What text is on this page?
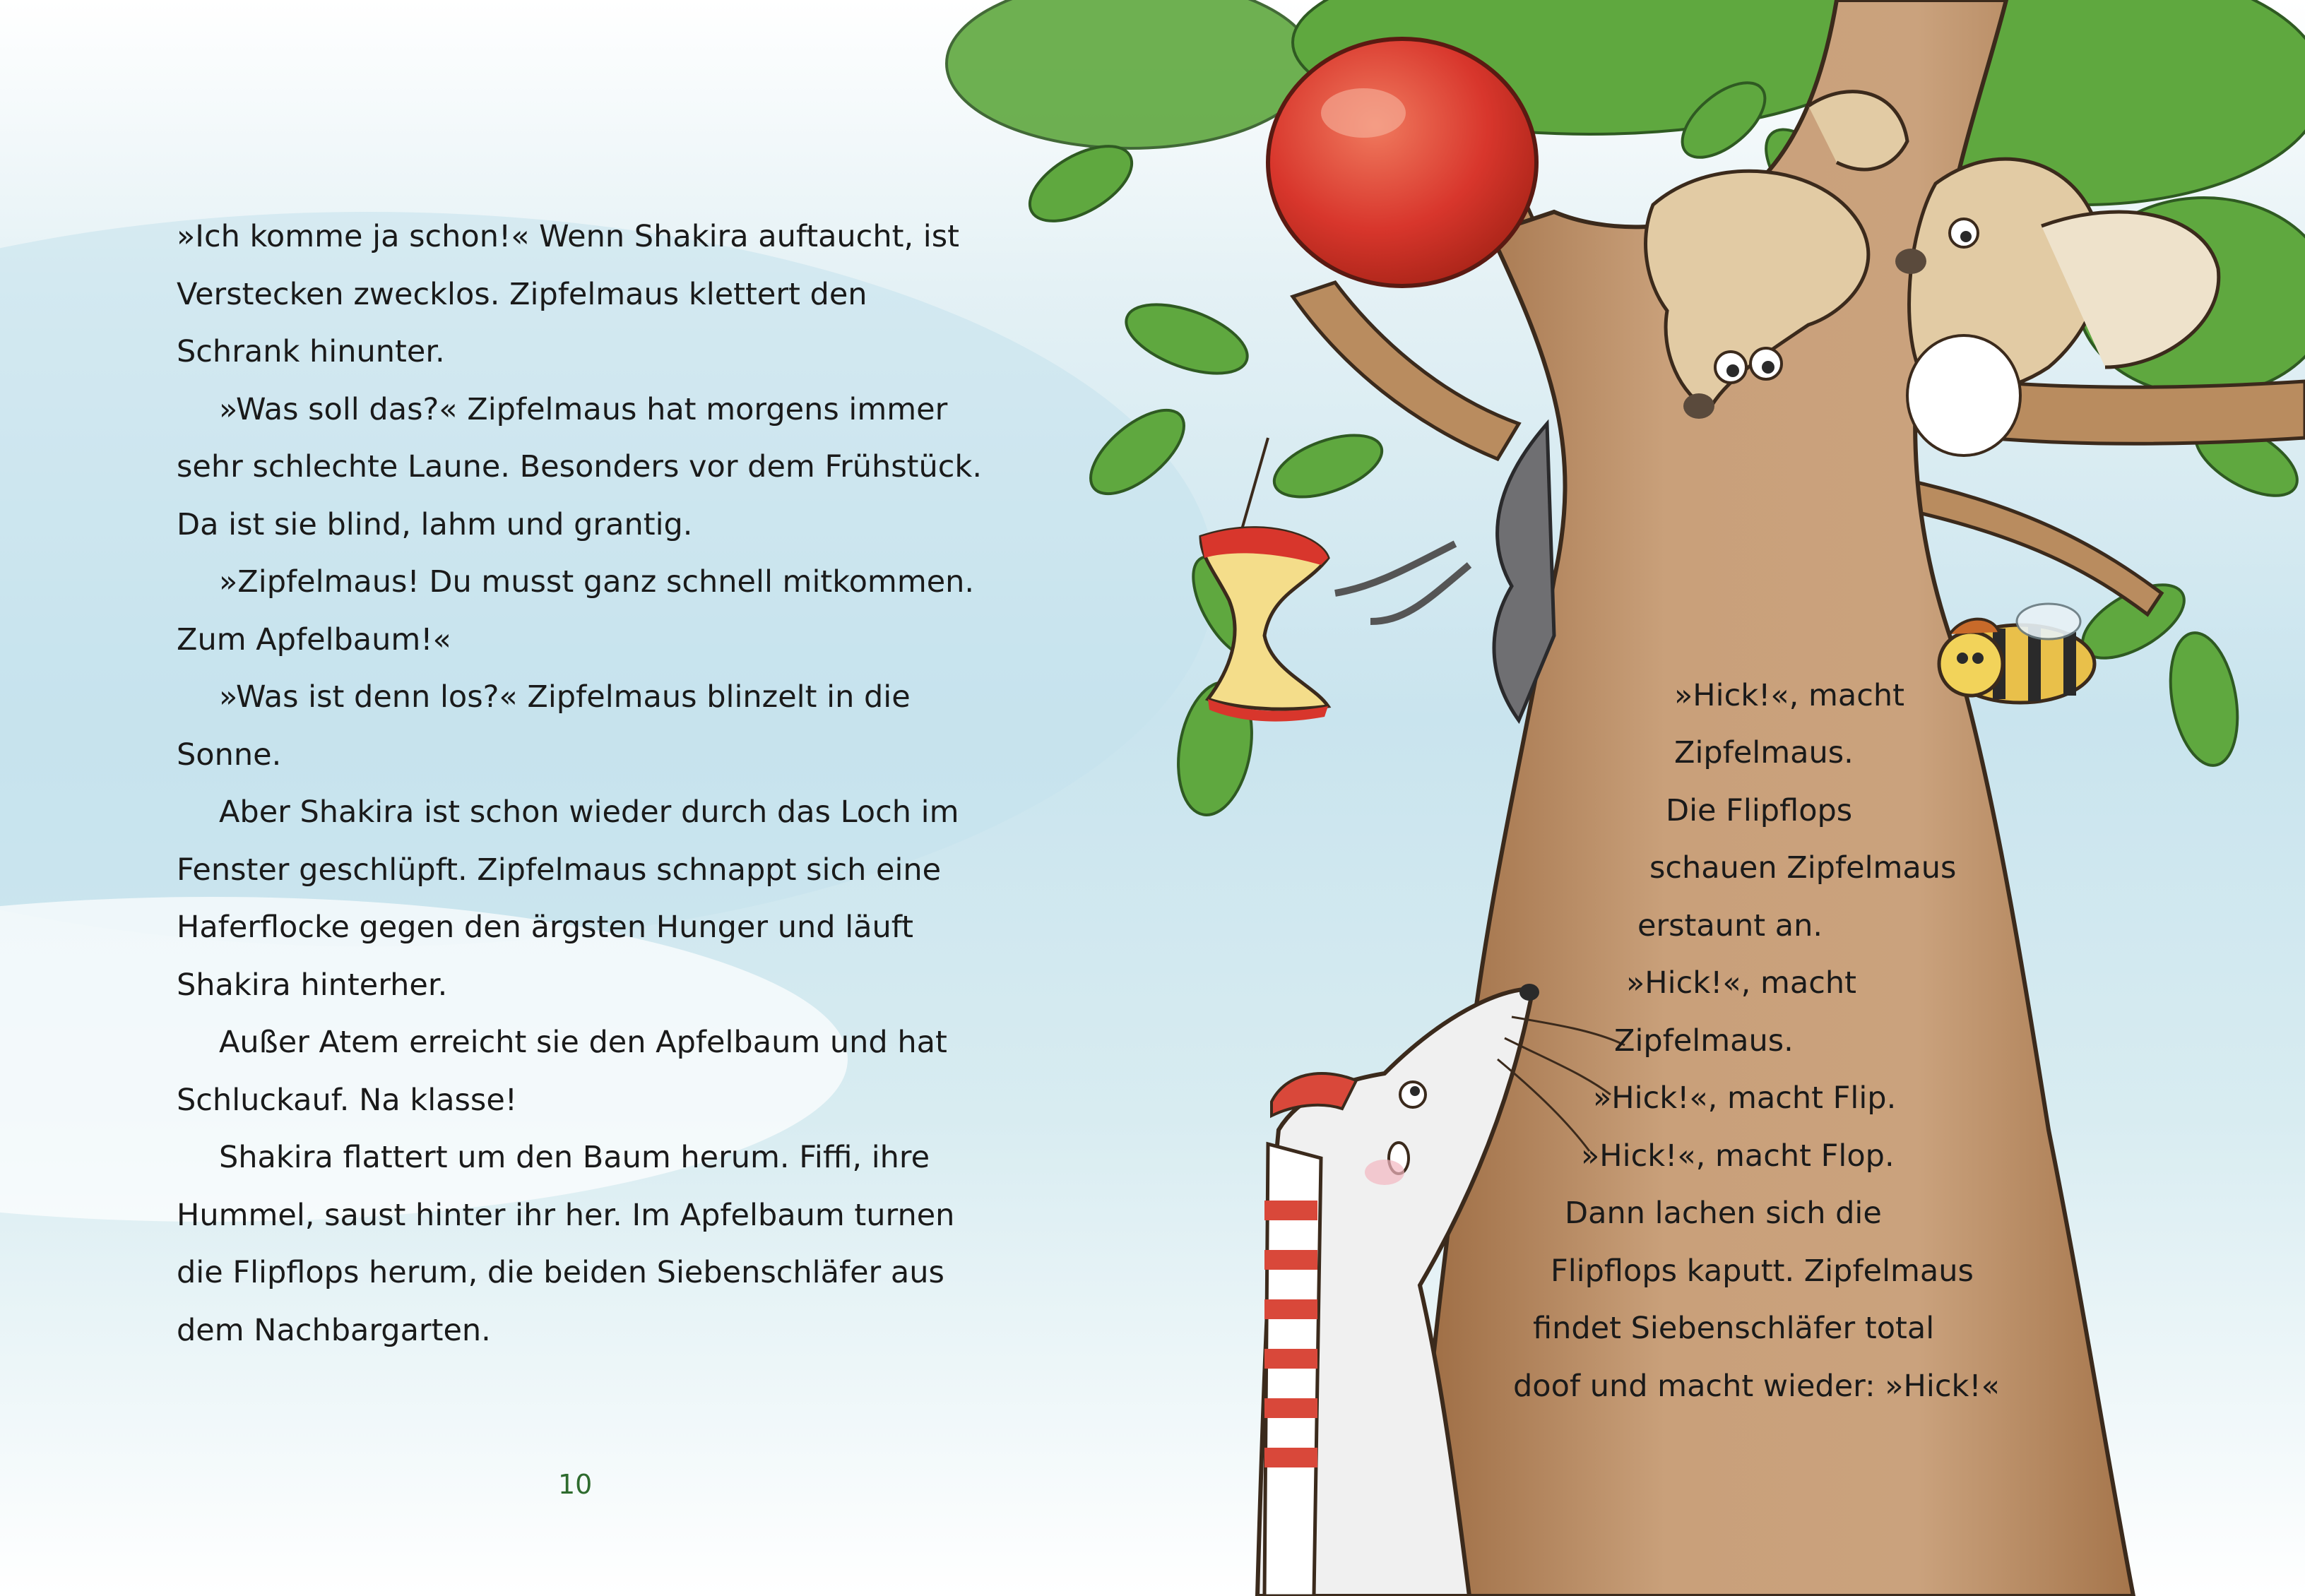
»Ich komme ja schon!« Wenn Shakira auftaucht, ist Verstecken zwecklos. Zipfelmaus klettert den Schrank hinunter.

»Was soll das?« Zipfelmaus hat morgens immer sehr schlechte Laune. Besonders vor dem Frühstück. Da ist sie blind, lahm und grantig.

»Zipfelmaus! Du musst ganz schnell mitkommen. Zum Apfelbaum!«

»Was ist denn los?« Zipfelmaus blinzelt in die Sonne.

Aber Shakira ist schon wieder durch das Loch im Fenster geschlüpft. Zipfelmaus schnappt sich eine Haferflocke gegen den ärgsten Hunger und läuft Shakira hinterher.

Außer Atem erreicht sie den Apfelbaum und hat Schluckauf. Na klasse!

Shakira flattert um den Baum herum. Fiffi, ihre Hummel, saust hinter ihr her. Im Apfelbaum turnen die Flipflops herum, die beiden Siebenschläfer aus dem Nachbargarten.

»Hick!«, macht
Zipfelmaus.
Die Flipflops
schauen Zipfelmaus
erstaunt an.
»Hick!«, macht
Zipfelmaus.
»Hick!«, macht Flip.
»Hick!«, macht Flop.
Dann lachen sich die
Flipflops kaputt. Zipfelmaus
findet Siebenschläfer total
doof und macht wieder: »Hick!«
10
